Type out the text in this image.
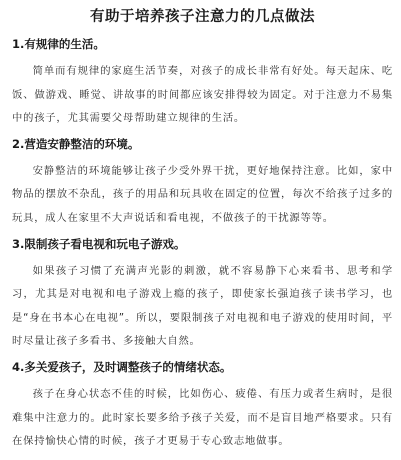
有助于培养孩子注意力的几点做法
1.有规律的生活。

简单而有规律的家庭生活节奏，对孩子的成长非常有好处。每天起床、吃饭、做游戏、睡觉、讲故事的时间都应该安排得较为固定。对于注意力不易集中的孩子，尤其需要父母帮助建立规律的生活。

2.营造安静整洁的环境。

安静整洁的环境能够让孩子少受外界干扰，更好地保持注意。比如，家中物品的摆放不杂乱，孩子的用品和玩具收在固定的位置，每次不给孩子过多的玩具，成人在家里不大声说话和看电视，不做孩子的干扰源等等。

3.限制孩子看电视和玩电子游戏。

如果孩子习惯了充满声光影的刺激，就不容易静下心来看书、思考和学习，尤其是对电视和电子游戏上瘾的孩子，即使家长强迫孩子读书学习，也是“身在书本心在电视”。所以，要限制孩子对电视和电子游戏的使用时间，平时尽量让孩子多看书、多接触大自然。

4.多关爱孩子，及时调整孩子的情绪状态。

孩子在身心状态不佳的时候，比如伤心、疲倦、有压力或者生病时，是很难集中注意力的。此时家长要多给予孩子关爱，而不是盲目地严格要求。只有在保持愉快心情的时候，孩子才更易于专心致志地做事。
